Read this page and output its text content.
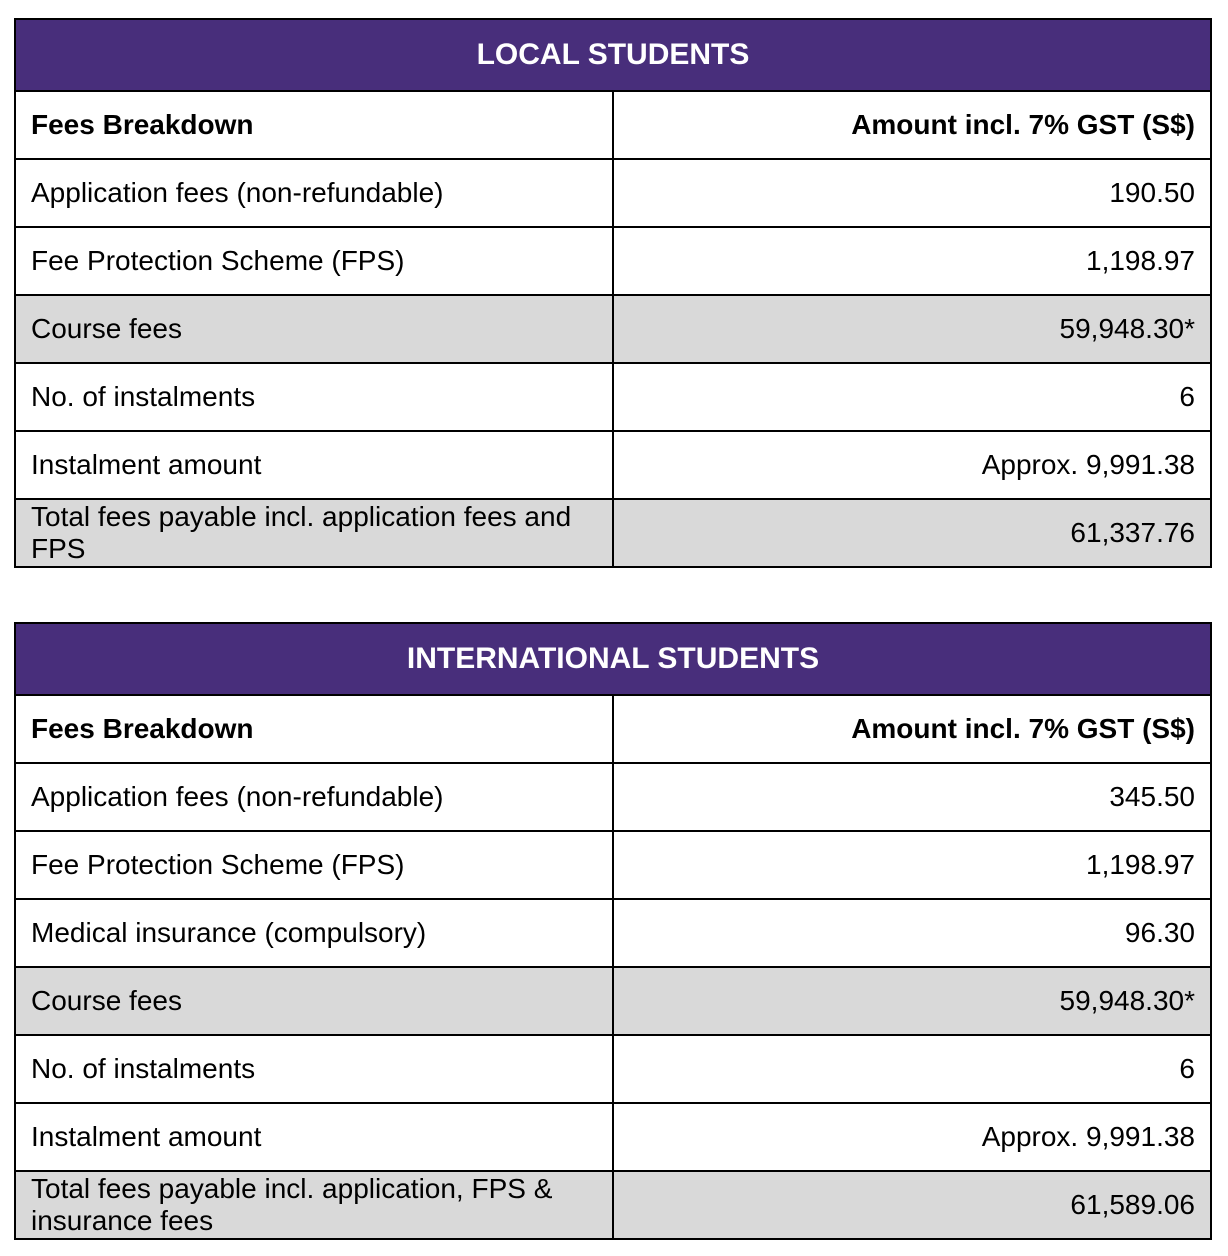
LOCAL STUDENTS	
Fees Breakdown	Amount incl. 7% GST (S$)
Application fees (non-refundable)	190.50
Fee Protection Scheme (FPS)	1,198.97
Course fees	59,948.30*
No. of instalments	6
Instalment amount	Approx. 9,991.38
Total fees payable incl. application fees and FPS	61,337.76
INTERNATIONAL STUDENTS	
Fees Breakdown	Amount incl. 7% GST (S$)
Application fees (non-refundable)	345.50
Fee Protection Scheme (FPS)	1,198.97
Medical insurance (compulsory)	96.30
Course fees	59,948.30*
No. of instalments	6
Instalment amount	Approx. 9,991.38
Total fees payable incl. application, FPS & insurance fees	61,589.06
